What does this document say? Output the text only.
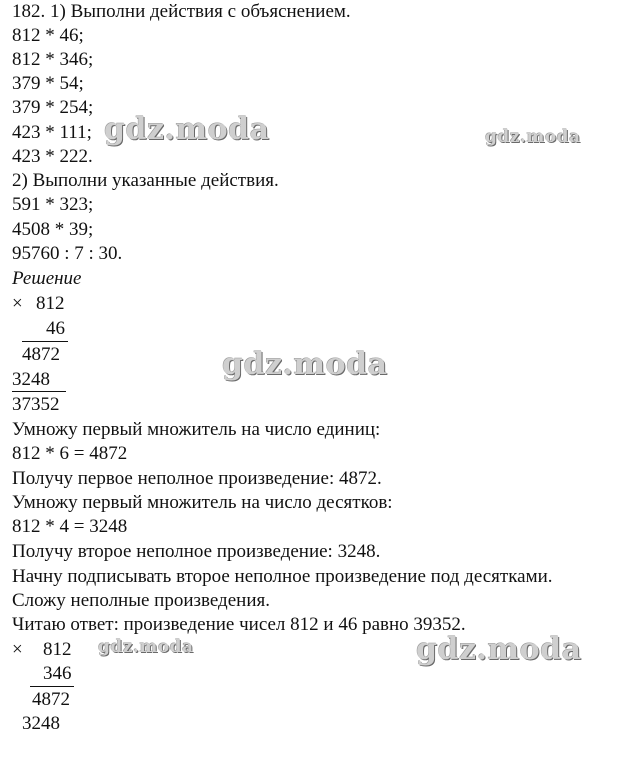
182. 1) Выполни действия с объяснением.
812 * 46;
812 * 346;
379 * 54;
379 * 254;
423 * 111;
423 * 222.
2) Выполни указанные действия.
591 * 323;
4508 * 39;
95760 : 7 : 30.
Решение
× 812
46
4872
3248
37352
Умножу первый множитель на число единиц:
812 * 6 = 4872
Получу первое неполное произведение: 4872.
Умножу первый множитель на число десятков:
812 * 4 = 3248
Получу второе неполное произведение: 3248.
Начну подписывать второе неполное произведение под десятками.
Сложу неполные произведения.
Читаю ответ: произведение чисел 812 и 46 равно 39352.
× 812
346
4872
3248
gdz.moda	gdz.moda
gdz.moda
gdz.moda	gdz.moda
